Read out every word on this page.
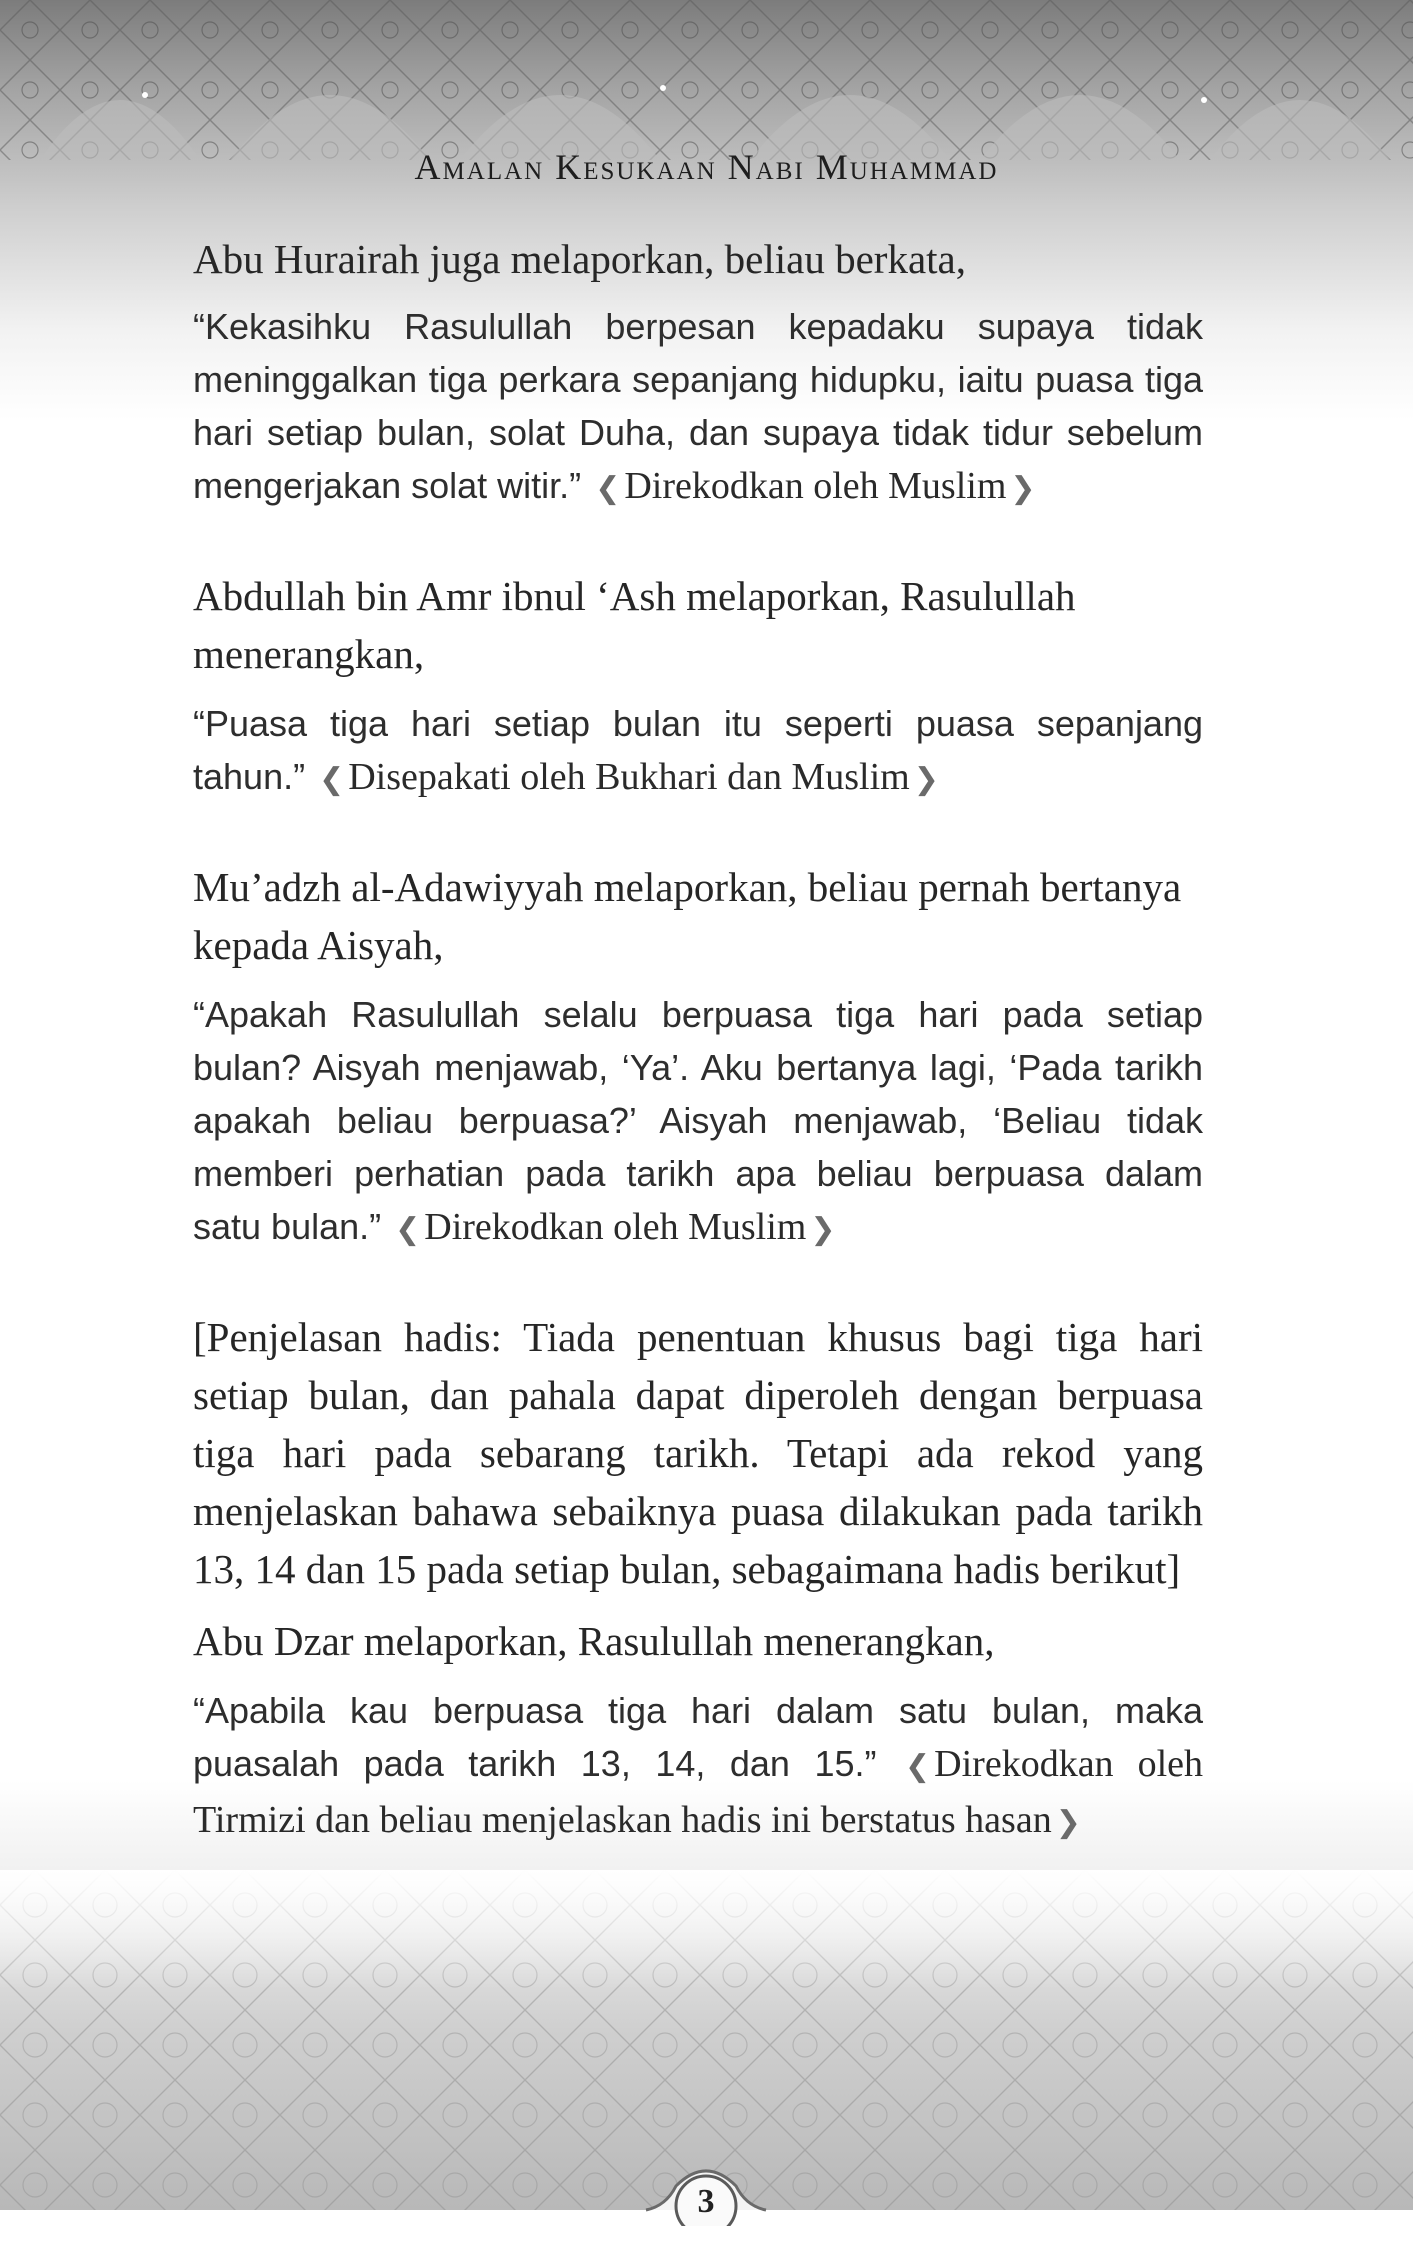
Amalan Kesukaan Nabi Muhammad

Abu Hurairah juga melaporkan, beliau berkata,

“Kekasihku Rasulullah berpesan kepadaku supaya tidak meninggalkan tiga perkara sepanjang hidupku, iaitu puasa tiga hari setiap bulan, solat Duha, dan supaya tidak tidur sebelum mengerjakan solat witir.” ❮ Direkodkan oleh Muslim ❯

Abdullah bin Amr ibnul ‘Ash melaporkan, Rasulullah menerangkan,

“Puasa tiga hari setiap bulan itu seperti puasa sepanjang tahun.” ❮ Disepakati oleh Bukhari dan Muslim ❯

Mu’adzh al-Adawiyyah melaporkan, beliau pernah bertanya kepada Aisyah,

“Apakah Rasulullah selalu berpuasa tiga hari pada setiap bulan? Aisyah menjawab, ‘Ya’. Aku bertanya lagi, ‘Pada tarikh apakah beliau berpuasa?’ Aisyah menjawab, ‘Beliau tidak memberi perhatian pada tarikh apa beliau berpuasa dalam satu bulan.” ❮ Direkodkan oleh Muslim ❯

[Penjelasan hadis: Tiada penentuan khusus bagi tiga hari setiap bulan, dan pahala dapat diperoleh dengan berpuasa tiga hari pada sebarang tarikh. Tetapi ada rekod yang menjelaskan bahawa sebaiknya puasa dilakukan pada tarikh 13, 14 dan 15 pada setiap bulan, sebagaimana hadis berikut]

Abu Dzar melaporkan, Rasulullah menerangkan,

“Apabila kau berpuasa tiga hari dalam satu bulan, maka puasalah pada tarikh 13, 14, dan 15.” ❮ Direkodkan oleh Tirmizi dan beliau menjelaskan hadis ini berstatus hasan ❯

3
